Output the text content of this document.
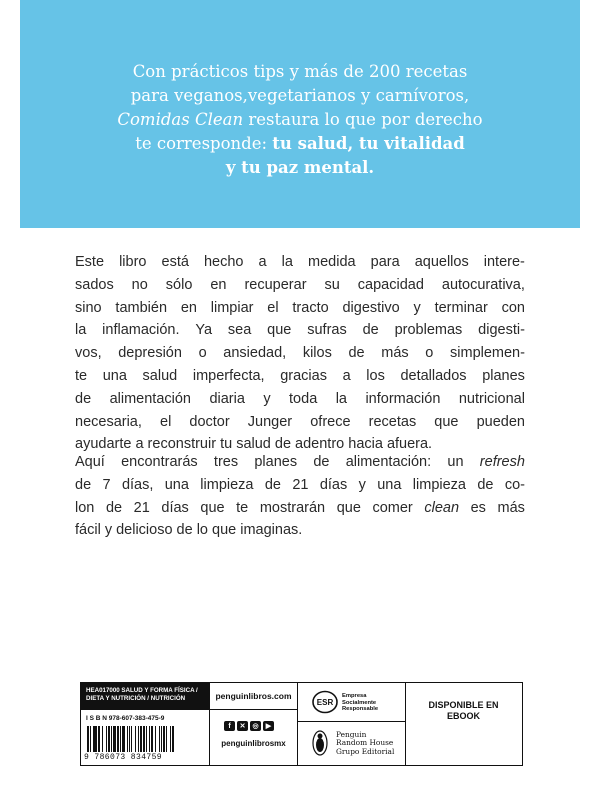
Con prácticos tips y más de 200 recetas
para veganos,vegetarianos y carnívoros,
Comidas Clean restaura lo que por derecho
te corresponde: tu salud, tu vitalidad
y tu paz mental.
Este libro está hecho a la medida para aquellos intere-
sados no sólo en recuperar su capacidad autocurativa,
sino también en limpiar el tracto digestivo y terminar con
la inflamación. Ya sea que sufras de problemas digesti-
vos, depresión o ansiedad, kilos de más o simplemen-
te una salud imperfecta, gracias a los detallados planes
de alimentación diaria y toda la información nutricional
necesaria, el doctor Junger ofrece recetas que pueden
ayudarte a reconstruir tu salud de adentro hacia afuera.
Aquí encontrarás tres planes de alimentación: un refresh
de 7 días, una limpieza de 21 días y una limpieza de co-
lon de 21 días que te mostrarán que comer clean es más
fácil y delicioso de lo que imaginas.
HEA017000 SALUD Y FORMA FÍSICA /
DIETA Y NUTRICIÓN / NUTRICIÓN	penguinlibros.com
I S B N 978-607-383-475-9
9 786073 834759
f	✕	◎	▶
penguinlibrosmx
ESR
Empresa
Socialmente
Responsable
Penguin
Random House
Grupo Editorial
DISPONIBLE EN
EBOOK
